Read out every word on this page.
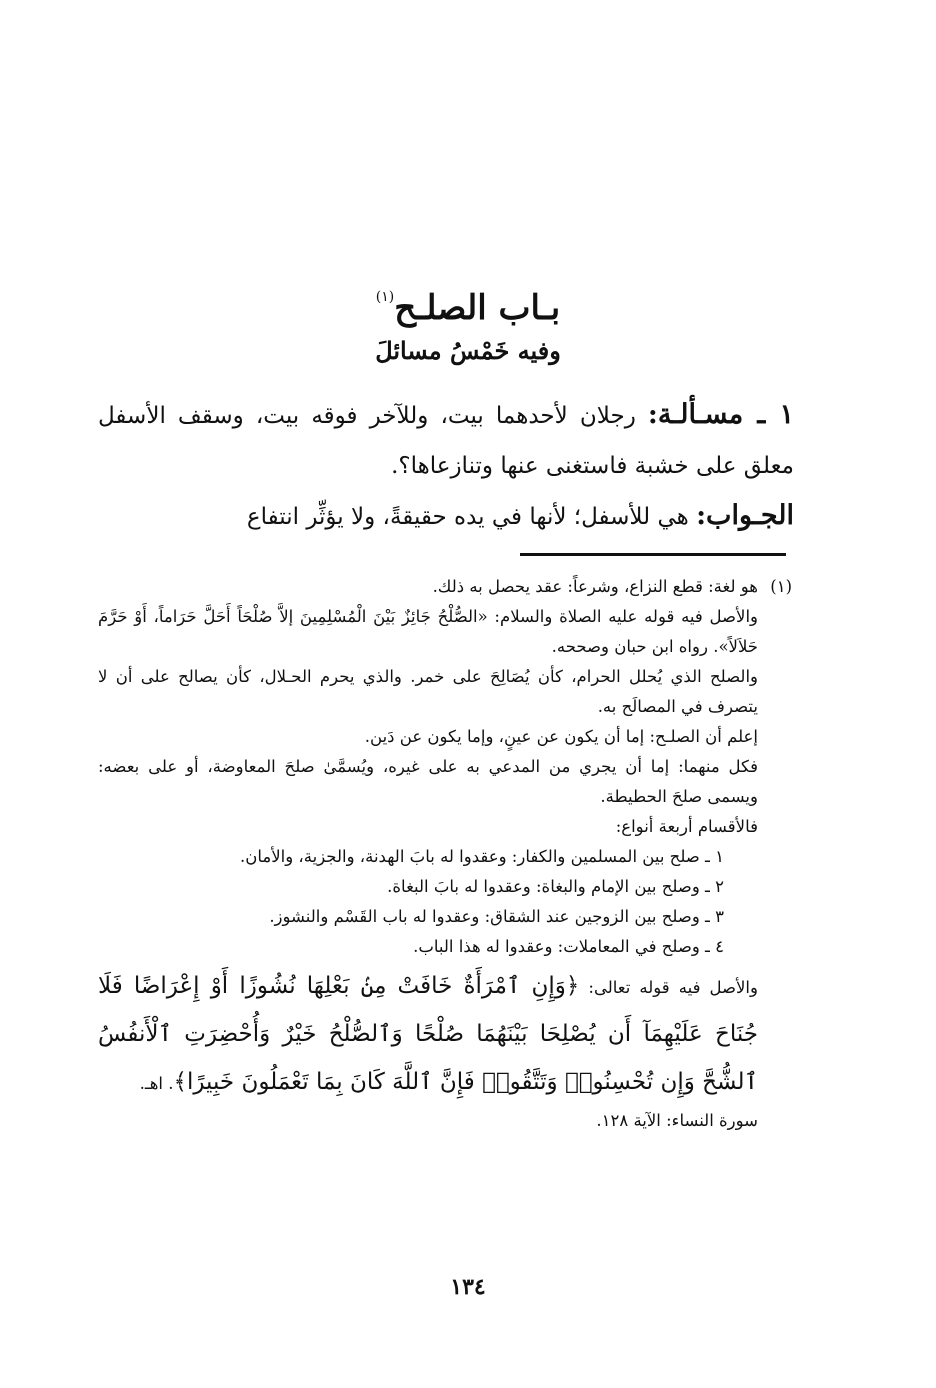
بـاب الصلـح$^{(١)}$
وفيه خَمْسُ مسائلَ

١ ـ مسـألـة: رجلان لأحدهما بيت، وللآخر فوقه بيت، وسقف الأسفل معلق على خشبة فاستغنى عنها وتنازعاها؟.

الجـواب: هي للأسفل؛ لأنها في يده حقيقةً، ولا يؤثِّر انتفاع

(١)
هو لغة: قطع النزاع، وشرعاً: عقد يحصل به ذلك.
والأصل فيه قوله عليه الصلاة والسلام: «الصُّلْحُ جَائِزٌ بَيْنَ الْمُسْلِمِينَ إلاَّ صُلْحَاً أَحَلَّ حَرَاماً، أَوْ حَرَّمَ حَلاَلاً». رواه ابن حبان وصححه.
والصلح الذي يُحلل الحرام، كأن يُصَالِحَ على خمر. والذي يحرم الحـلال، كأن يصالح على أن لا يتصرف في المصالَح به.
إعلم أن الصلـح: إما أن يكون عن عينٍ، وإما يكون عن دَين.
فكل منهما: إما أن يجري من المدعي به على غيره، ويُسمَّىٰ صلحَ المعاوضة، أو على بعضه: ويسمى صلحَ الحطيطة.
فالأقسام أربعة أنواع:
١ ـ صلح بين المسلمين والكفار: وعقدوا له بابَ الهدنة، والجزية، والأمان.
٢ ـ وصلح بين الإمام والبغاة: وعقدوا له بابَ البغاة.
٣ ـ وصلح بين الزوجين عند الشقاق: وعقدوا له باب القَسْم والنشوز.
٤ ـ وصلح في المعاملات: وعقدوا له هذا الباب.
والأصل فيه قوله تعالى: ﴿وَإِنِ ٱمْرَأَةٌ خَافَتْ مِنۢ بَعْلِهَا نُشُوزًا أَوْ إِعْرَاضًا فَلَا جُنَاحَ عَلَيْهِمَآ أَن يُصْلِحَا بَيْنَهُمَا صُلْحًا وَٱلصُّلْحُ خَيْرٌ وَأُحْضِرَتِ ٱلْأَنفُسُ ٱلشُّحَّ وَإِن تُحْسِنُوا۟ وَتَتَّقُوا۟ فَإِنَّ ٱللَّهَ كَانَ بِمَا تَعْمَلُونَ خَبِيرًا﴾. اهـ.
سورة النساء: الآية ١٢٨.
١٣٤
